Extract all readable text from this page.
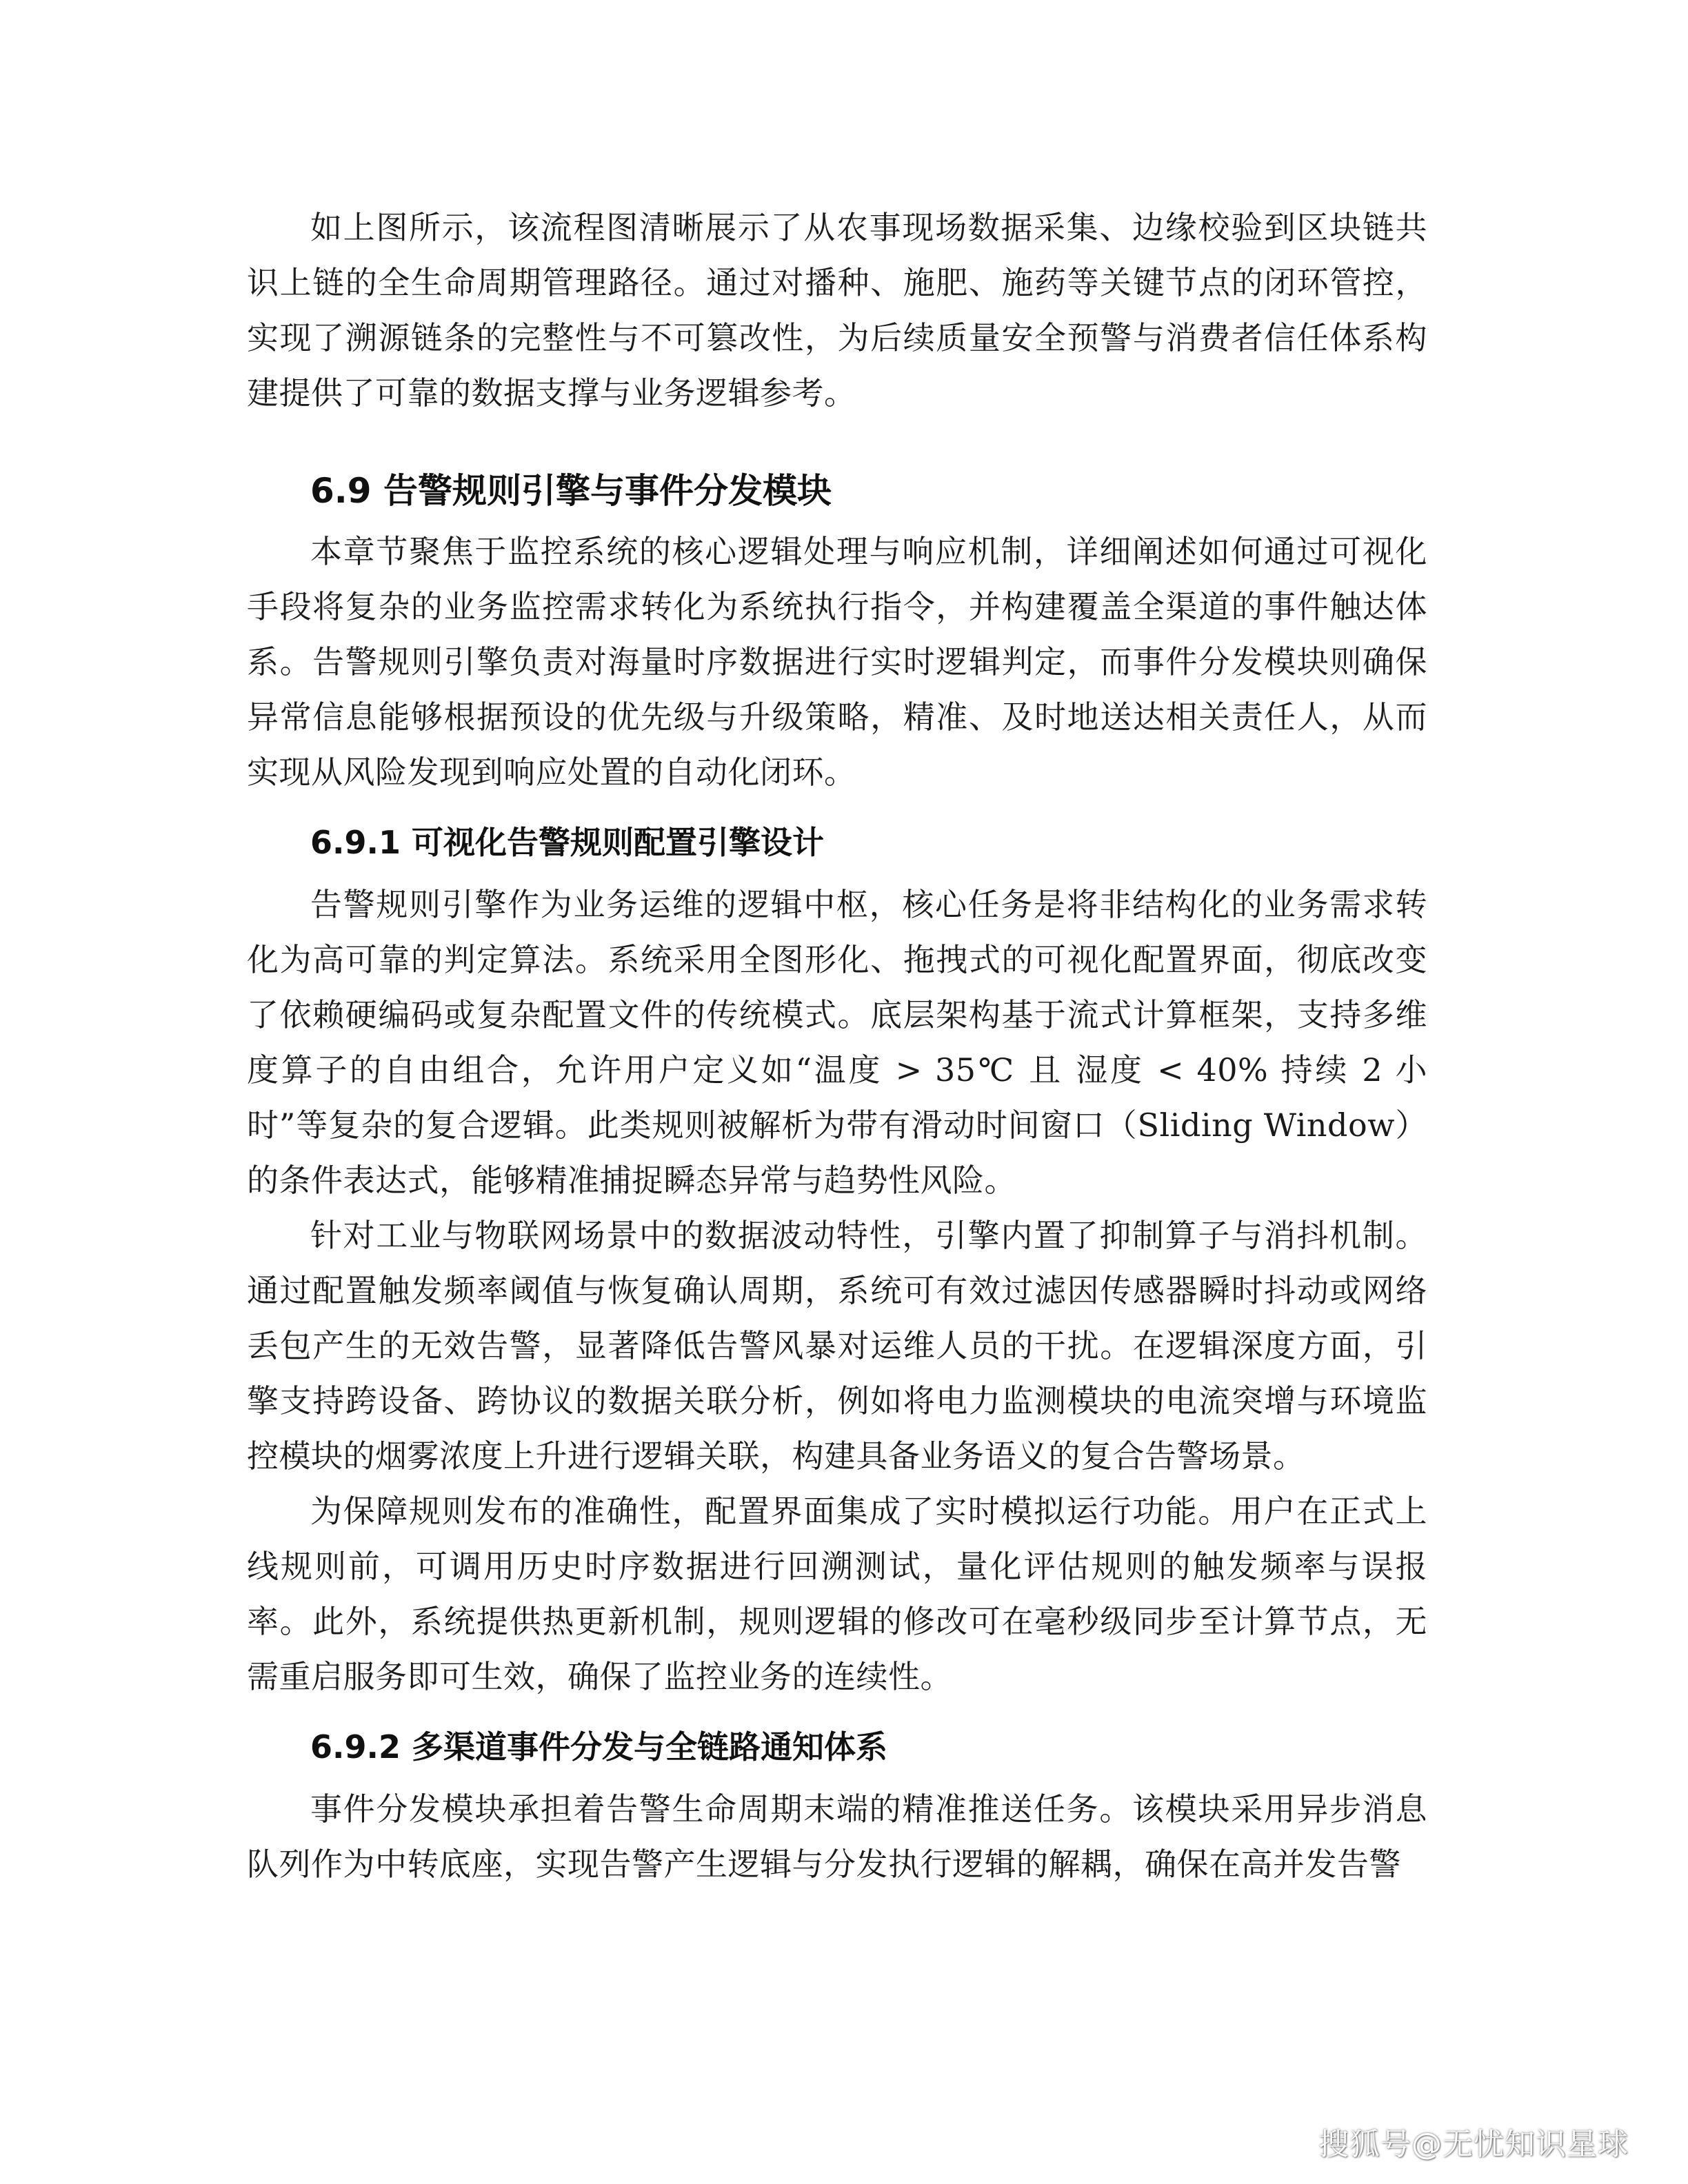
如上图所示，该流程图清晰展示了从农事现场数据采集、边缘校验到区块链共识上链的全生命周期管理路径。通过对播种、施肥、施药等关键节点的闭环管控，实现了溯源链条的完整性与不可篡改性，为后续质量安全预警与消费者信任体系构建提供了可靠的数据支撑与业务逻辑参考。

6.9 告警规则引擎与事件分发模块

本章节聚焦于监控系统的核心逻辑处理与响应机制，详细阐述如何通过可视化手段将复杂的业务监控需求转化为系统执行指令，并构建覆盖全渠道的事件触达体系。告警规则引擎负责对海量时序数据进行实时逻辑判定，而事件分发模块则确保异常信息能够根据预设的优先级与升级策略，精准、及时地送达相关责任人，从而实现从风险发现到响应处置的自动化闭环。

6.9.1 可视化告警规则配置引擎设计

告警规则引擎作为业务运维的逻辑中枢，核心任务是将非结构化的业务需求转化为高可靠的判定算法。系统采用全图形化、拖拽式的可视化配置界面，彻底改变了依赖硬编码或复杂配置文件的传统模式。底层架构基于流式计算框架，支持多维度算子的自由组合，允许用户定义如“温度 > 35℃ 且 湿度 < 40% 持续 2 小时”等复杂的复合逻辑。此类规则被解析为带有滑动时间窗口（Sliding Window）的条件表达式，能够精准捕捉瞬态异常与趋势性风险。

针对工业与物联网场景中的数据波动特性，引擎内置了抑制算子与消抖机制。通过配置触发频率阈值与恢复确认周期，系统可有效过滤因传感器瞬时抖动或网络丢包产生的无效告警，显著降低告警风暴对运维人员的干扰。在逻辑深度方面，引擎支持跨设备、跨协议的数据关联分析，例如将电力监测模块的电流突增与环境监控模块的烟雾浓度上升进行逻辑关联，构建具备业务语义的复合告警场景。

为保障规则发布的准确性，配置界面集成了实时模拟运行功能。用户在正式上线规则前，可调用历史时序数据进行回溯测试，量化评估规则的触发频率与误报率。此外，系统提供热更新机制，规则逻辑的修改可在毫秒级同步至计算节点，无需重启服务即可生效，确保了监控业务的连续性。

6.9.2 多渠道事件分发与全链路通知体系

事件分发模块承担着告警生命周期末端的精准推送任务。该模块采用异步消息队列作为中转底座，实现告警产生逻辑与分发执行逻辑的解耦，确保在高并发告警

搜狐号@无忧知识星球
